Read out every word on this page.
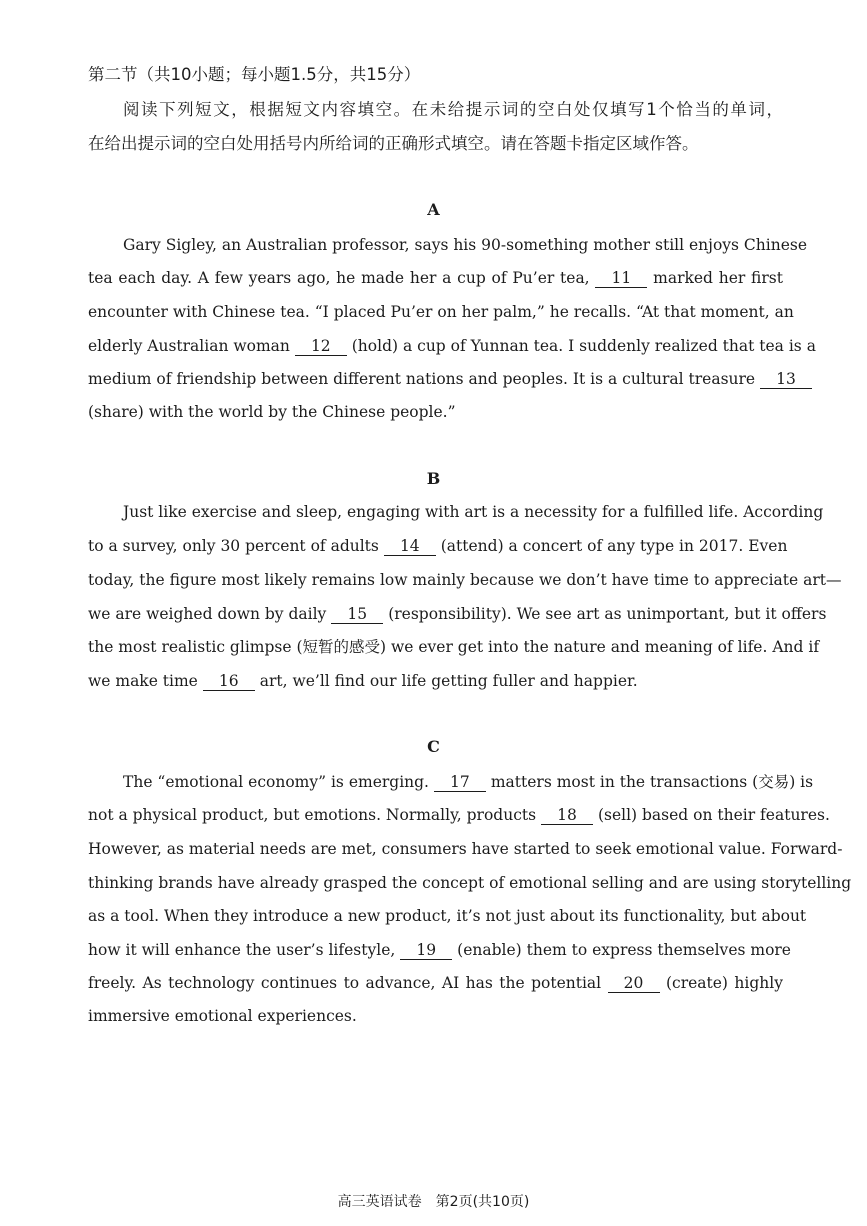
第二节（共10小题；每小题1.5分，共15分）
阅读下列短文，根据短文内容填空。在未给提示词的空白处仅填写1个恰当的单词，
在给出提示词的空白处用括号内所给词的正确形式填空。请在答题卡指定区域作答。
A
Gary Sigley, an Australian professor, says his 90-something mother still enjoys Chinese
tea each day. A few years ago, he made her a cup of Pu’er tea, 11 marked her first
encounter with Chinese tea. “I placed Pu’er on her palm,” he recalls. “At that moment, an
elderly Australian woman 12 (hold) a cup of Yunnan tea. I suddenly realized that tea is a
medium of friendship between different nations and peoples. It is a cultural treasure 13
(share) with the world by the Chinese people.”
B
Just like exercise and sleep, engaging with art is a necessity for a fulfilled life. According
to a survey, only 30 percent of adults 14 (attend) a concert of any type in 2017. Even
today, the figure most likely remains low mainly because we don’t have time to appreciate art—
we are weighed down by daily 15 (responsibility). We see art as unimportant, but it offers
the most realistic glimpse (短暂的感受) we ever get into the nature and meaning of life. And if
we make time 16 art, we’ll find our life getting fuller and happier.
C
The “emotional economy” is emerging. 17 matters most in the transactions (交易) is
not a physical product, but emotions. Normally, products 18 (sell) based on their features.
However, as material needs are met, consumers have started to seek emotional value. Forward-
thinking brands have already grasped the concept of emotional selling and are using storytelling
as a tool. When they introduce a new product, it’s not just about its functionality, but about
how it will enhance the user’s lifestyle, 19 (enable) them to express themselves more
freely. As technology continues to advance, AI has the potential 20 (create) highly
immersive emotional experiences.
高三英语试卷　第2页(共10页)
